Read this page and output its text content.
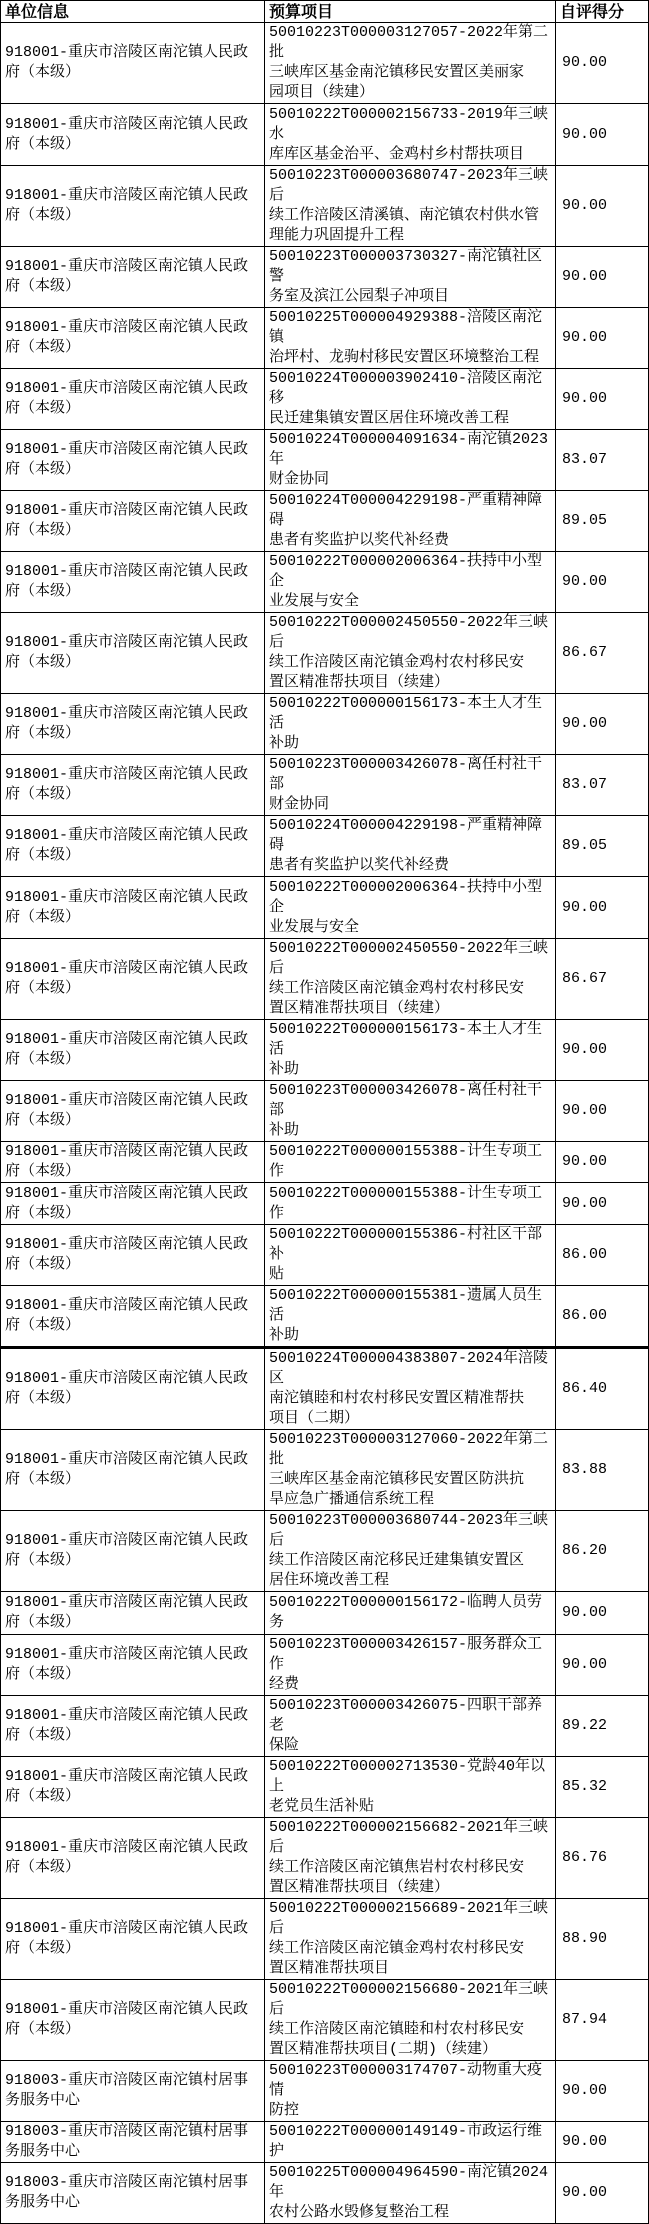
单位信息	预算项目	自评得分
918001-重庆市涪陵区南沱镇人民政
府（本级）	50010223T000003127057-2022年第二批
三峡库区基金南沱镇移民安置区美丽家
园项目（续建）	90.00
918001-重庆市涪陵区南沱镇人民政
府（本级）	50010222T000002156733-2019年三峡水
库库区基金治平、金鸡村乡村帮扶项目	90.00
918001-重庆市涪陵区南沱镇人民政
府（本级）	50010223T000003680747-2023年三峡后
续工作涪陵区清溪镇、南沱镇农村供水管
理能力巩固提升工程	90.00
918001-重庆市涪陵区南沱镇人民政
府（本级）	50010223T000003730327-南沱镇社区警
务室及滨江公园梨子冲项目	90.00
918001-重庆市涪陵区南沱镇人民政
府（本级）	50010225T000004929388-涪陵区南沱镇
治坪村、龙驹村移民安置区环境整治工程	90.00
918001-重庆市涪陵区南沱镇人民政
府（本级）	50010224T000003902410-涪陵区南沱移
民迁建集镇安置区居住环境改善工程	90.00
918001-重庆市涪陵区南沱镇人民政
府（本级）	50010224T000004091634-南沱镇2023年
财金协同	83.07
918001-重庆市涪陵区南沱镇人民政
府（本级）	50010224T000004229198-严重精神障碍
患者有奖监护以奖代补经费	89.05
918001-重庆市涪陵区南沱镇人民政
府（本级）	50010222T000002006364-扶持中小型企
业发展与安全	90.00
918001-重庆市涪陵区南沱镇人民政
府（本级）	50010222T000002450550-2022年三峡后
续工作涪陵区南沱镇金鸡村农村移民安
置区精准帮扶项目（续建）	86.67
918001-重庆市涪陵区南沱镇人民政
府（本级）	50010222T000000156173-本土人才生活
补助	90.00
918001-重庆市涪陵区南沱镇人民政
府（本级）	50010223T000003426078-离任村社干部
财金协同	83.07
918001-重庆市涪陵区南沱镇人民政
府（本级）	50010224T000004229198-严重精神障碍
患者有奖监护以奖代补经费	89.05
918001-重庆市涪陵区南沱镇人民政
府（本级）	50010222T000002006364-扶持中小型企
业发展与安全	90.00
918001-重庆市涪陵区南沱镇人民政
府（本级）	50010222T000002450550-2022年三峡后
续工作涪陵区南沱镇金鸡村农村移民安
置区精准帮扶项目（续建）	86.67
918001-重庆市涪陵区南沱镇人民政
府（本级）	50010222T000000156173-本土人才生活
补助	90.00
918001-重庆市涪陵区南沱镇人民政
府（本级）	50010223T000003426078-离任村社干部
补助	90.00
918001-重庆市涪陵区南沱镇人民政
府（本级）	50010222T000000155388-计生专项工作	90.00
918001-重庆市涪陵区南沱镇人民政
府（本级）	50010222T000000155388-计生专项工作	90.00
918001-重庆市涪陵区南沱镇人民政
府（本级）	50010222T000000155386-村社区干部补
贴	86.00
918001-重庆市涪陵区南沱镇人民政
府（本级）	50010222T000000155381-遗属人员生活
补助	86.00
918001-重庆市涪陵区南沱镇人民政
府（本级）	50010224T000004383807-2024年涪陵区
南沱镇睦和村农村移民安置区精准帮扶
项目（二期）	86.40
918001-重庆市涪陵区南沱镇人民政
府（本级）	50010223T000003127060-2022年第二批
三峡库区基金南沱镇移民安置区防洪抗
旱应急广播通信系统工程	83.88
918001-重庆市涪陵区南沱镇人民政
府（本级）	50010223T000003680744-2023年三峡后
续工作涪陵区南沱移民迁建集镇安置区
居住环境改善工程	86.20
918001-重庆市涪陵区南沱镇人民政
府（本级）	50010222T000000156172-临聘人员劳务	90.00
918001-重庆市涪陵区南沱镇人民政
府（本级）	50010223T000003426157-服务群众工作
经费	90.00
918001-重庆市涪陵区南沱镇人民政
府（本级）	50010223T000003426075-四职干部养老
保险	89.22
918001-重庆市涪陵区南沱镇人民政
府（本级）	50010222T000002713530-党龄40年以上
老党员生活补贴	85.32
918001-重庆市涪陵区南沱镇人民政
府（本级）	50010222T000002156682-2021年三峡后
续工作涪陵区南沱镇焦岩村农村移民安
置区精准帮扶项目（续建）	86.76
918001-重庆市涪陵区南沱镇人民政
府（本级）	50010222T000002156689-2021年三峡后
续工作涪陵区南沱镇金鸡村农村移民安
置区精准帮扶项目	88.90
918001-重庆市涪陵区南沱镇人民政
府（本级）	50010222T000002156680-2021年三峡后
续工作涪陵区南沱镇睦和村农村移民安
置区精准帮扶项目(二期)（续建）	87.94
918003-重庆市涪陵区南沱镇村居事
务服务中心	50010223T000003174707-动物重大疫情
防控	90.00
918003-重庆市涪陵区南沱镇村居事
务服务中心	50010222T000000149149-市政运行维护	90.00
918003-重庆市涪陵区南沱镇村居事
务服务中心	50010225T000004964590-南沱镇2024年
农村公路水毁修复整治工程	90.00
